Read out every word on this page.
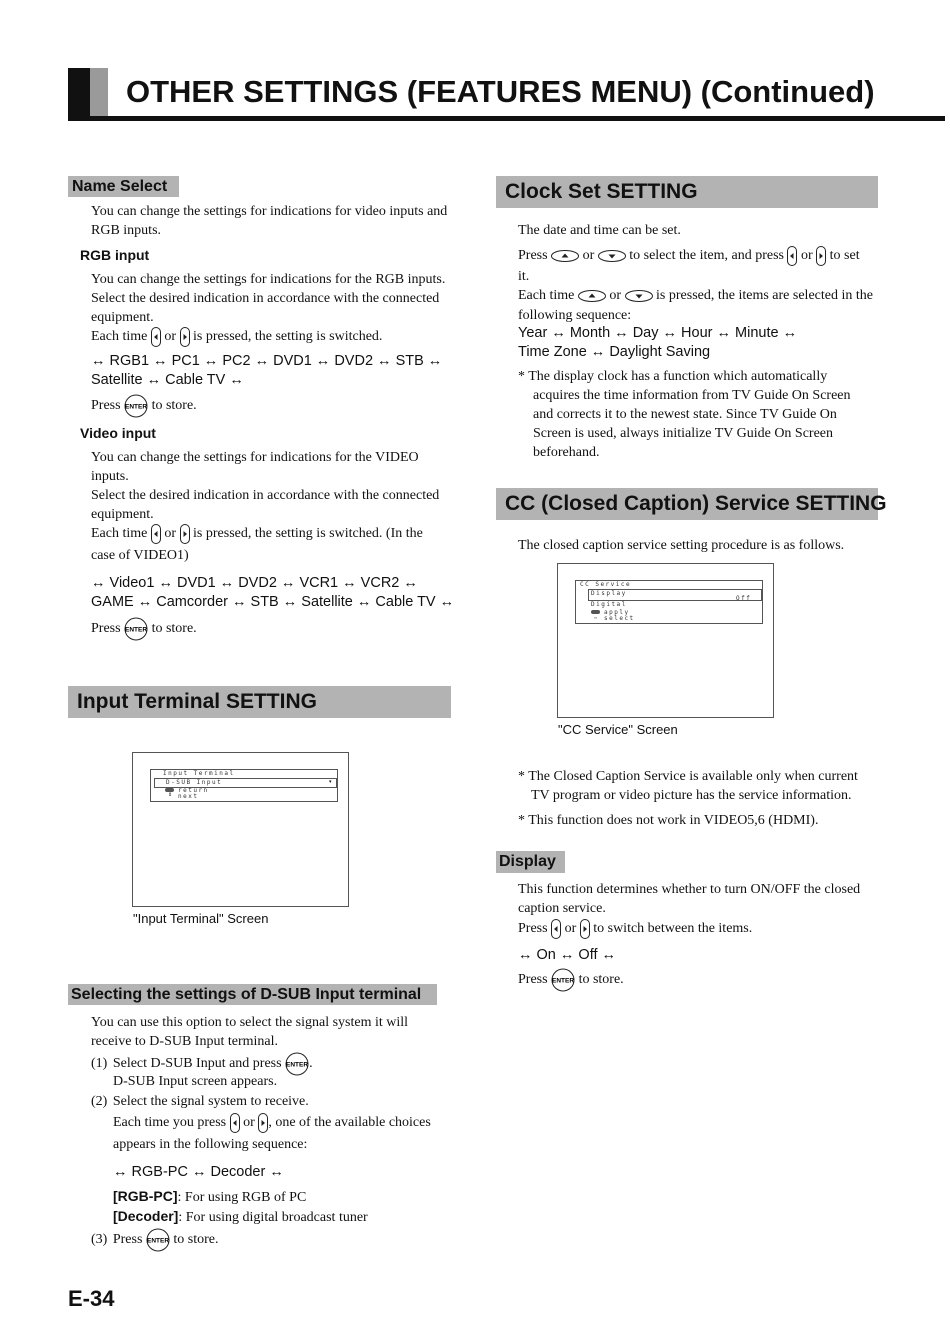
OTHER SETTINGS (FEATURES MENU) (Continued)
Name Select
You can change the settings for indications for video inputs and
RGB inputs.
RGB input
You can change the settings for indications for the RGB inputs.
Select the desired indication in accordance with the connected
equipment.
Each time or is pressed, the setting is switched.
↔ RGB1 ↔ PC1 ↔ PC2 ↔ DVD1 ↔ DVD2 ↔ STB ↔
Satellite ↔ Cable TV ↔
Press ENTER to store.
Video input
You can change the settings for indications for the VIDEO
inputs.
Select the desired indication in accordance with the connected
equipment.
Each time or is pressed, the setting is switched. (In the
case of VIDEO1)
↔ Video1 ↔ DVD1 ↔ DVD2 ↔ VCR1 ↔ VCR2 ↔
GAME ↔ Camcorder ↔ STB ↔ Satellite ↔ Cable TV ↔
Press ENTER to store.
Input Terminal SETTING
Input Terminal
D-SUB Input	▾
return
⇕ next
"Input Terminal" Screen
Selecting the settings of D-SUB Input terminal
You can use this option to select the signal system it will
receive to D-SUB Input terminal.
(1) Select D-SUB Input and press ENTER .
D-SUB Input screen appears.
(2) Select the signal system to receive.
Each time you press or , one of the available choices
appears in the following sequence:
↔ RGB-PC ↔ Decoder ↔
[RGB-PC]: For using RGB of PC
[Decoder]: For using digital broadcast tuner
(3) Press ENTER to store.
Clock Set SETTING
The date and time can be set.
Press	or	to select the item, and press or to set
it.
Each time	or	is pressed, the items are selected in the
following sequence:
Year ↔ Month ↔ Day ↔ Hour ↔ Minute ↔
Time Zone ↔ Daylight Saving
* The display clock has a function which automatically
acquires the time information from TV Guide On Screen
and corrects it to the newest state. Since TV Guide On
Screen is used, always initialize TV Guide On Screen
beforehand.
CC (Closed Caption) Service SETTING
The closed caption service setting procedure is as follows.
CC Service
Display
Off
Digital
apply
⇔ select
"CC Service" Screen
* The Closed Caption Service is available only when current
TV program or video picture has the service information.
* This function does not work in VIDEO5,6 (HDMI).
Display
This function determines whether to turn ON/OFF the closed
caption service.
Press or to switch between the items.
↔ On ↔ Off ↔
Press ENTER to store.
E-34
